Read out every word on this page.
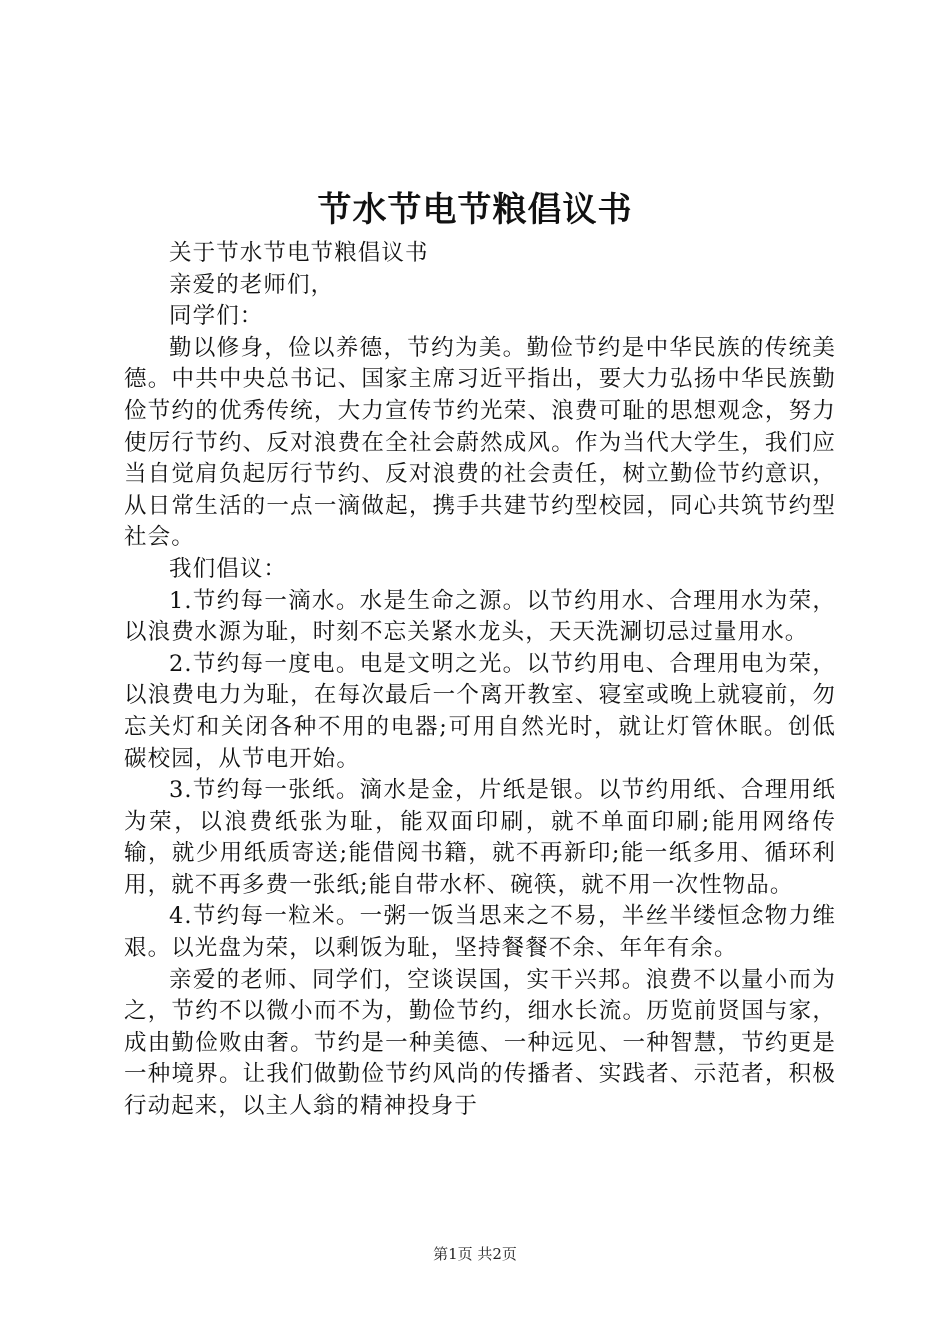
节水节电节粮倡议书

关于节水节电节粮倡议书

亲爱的老师们，

同学们：

勤以修身，俭以养德，节约为美。勤俭节约是中华民族的传统美德。中共中央总书记、国家主席习近平指出，要大力弘扬中华民族勤俭节约的优秀传统，大力宣传节约光荣、浪费可耻的思想观念，努力使厉行节约、反对浪费在全社会蔚然成风。作为当代大学生，我们应当自觉肩负起厉行节约、反对浪费的社会责任，树立勤俭节约意识，从日常生活的一点一滴做起，携手共建节约型校园，同心共筑节约型社会。

我们倡议：

1.节约每一滴水。水是生命之源。以节约用水、合理用水为荣，以浪费水源为耻，时刻不忘关紧水龙头，天天洗涮切忌过量用水。

2.节约每一度电。电是文明之光。以节约用电、合理用电为荣，以浪费电力为耻，在每次最后一个离开教室、寝室或晚上就寝前，勿忘关灯和关闭各种不用的电器;可用自然光时，就让灯管休眠。创低碳校园，从节电开始。

3.节约每一张纸。滴水是金，片纸是银。以节约用纸、合理用纸为荣，以浪费纸张为耻，能双面印刷，就不单面印刷;能用网络传输，就少用纸质寄送;能借阅书籍，就不再新印;能一纸多用、循环利用，就不再多费一张纸;能自带水杯、碗筷，就不用一次性物品。

4.节约每一粒米。一粥一饭当思来之不易，半丝半缕恒念物力维艰。以光盘为荣，以剩饭为耻，坚持餐餐不余、年年有余。

亲爱的老师、同学们，空谈误国，实干兴邦。浪费不以量小而为之，节约不以微小而不为，勤俭节约，细水长流。历览前贤国与家，成由勤俭败由奢。节约是一种美德、一种远见、一种智慧，节约更是一种境界。让我们做勤俭节约风尚的传播者、实践者、示范者，积极行动起来，以主人翁的精神投身于

第1页 共2页
